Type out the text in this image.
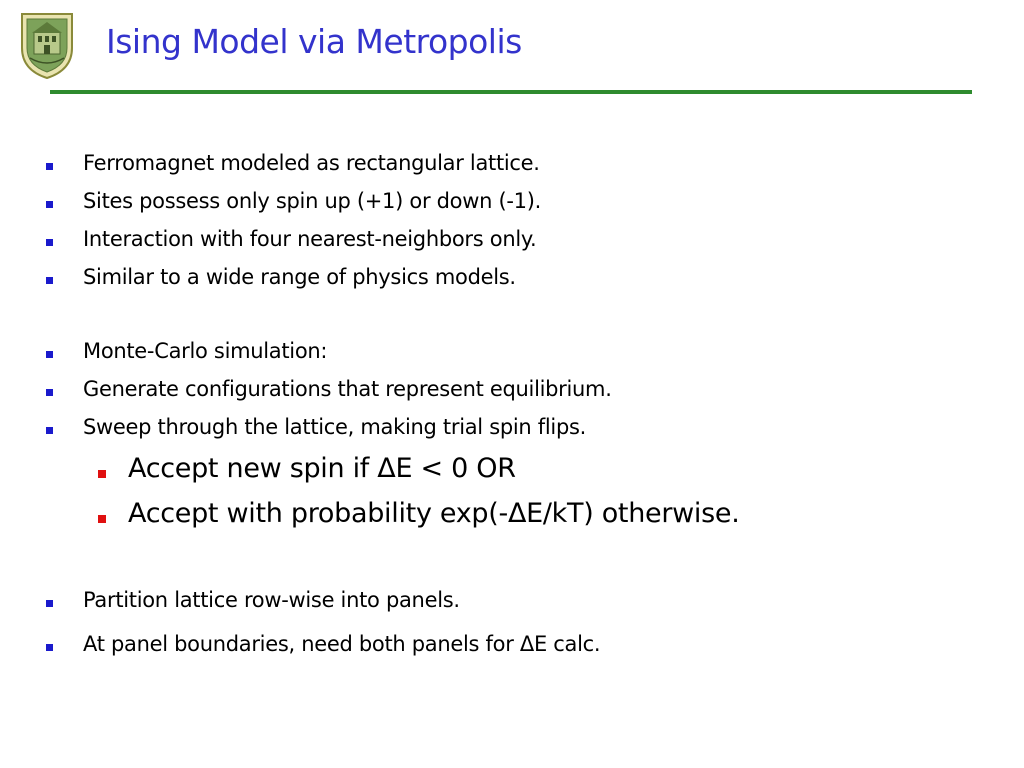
Ising Model via Metropolis
Ferromagnet modeled as rectangular lattice.
Sites possess only spin up (+1) or down (-1).
Interaction with four nearest-neighbors only.
Similar to a wide range of physics models.
Monte-Carlo simulation:
Generate configurations that represent equilibrium.
Sweep through the lattice, making trial spin flips.
Accept new spin if ΔE < 0 OR
Accept with probability exp(-ΔE/kT) otherwise.
Partition lattice row-wise into panels.
At panel boundaries, need both panels for ΔE calc.
